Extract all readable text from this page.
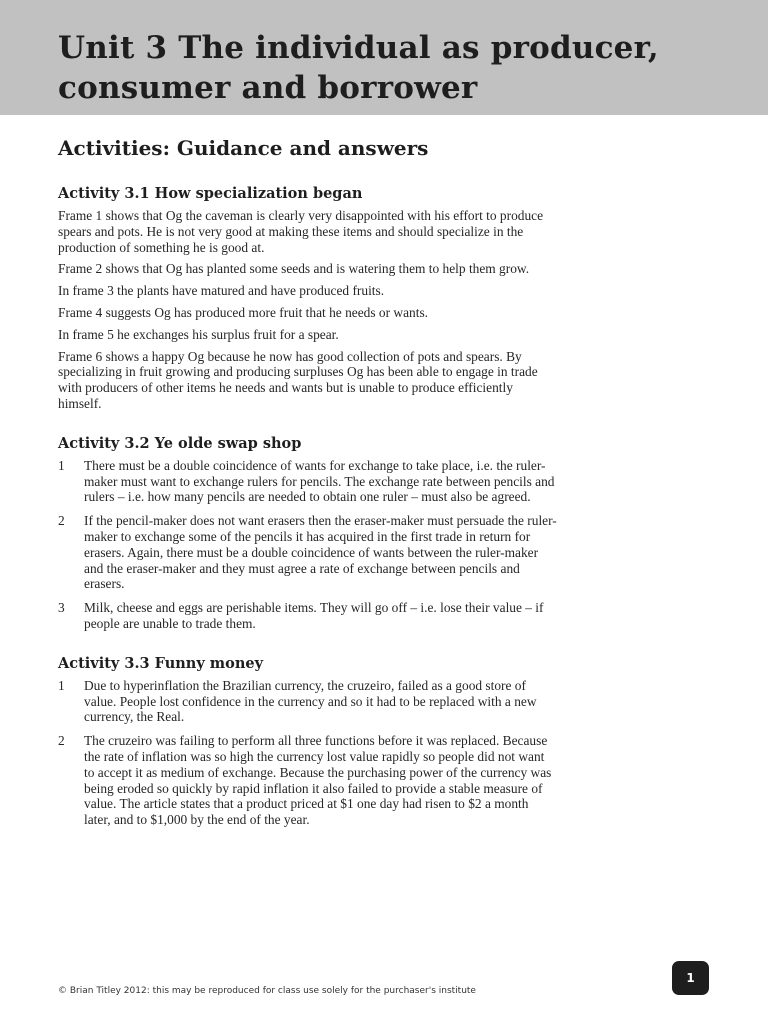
Unit 3 The individual as producer, consumer and borrower
Activities: Guidance and answers
Activity 3.1 How specialization began

Frame 1 shows that Og the caveman is clearly very disappointed with his effort to produce spears and pots. He is not very good at making these items and should specialize in the production of something he is good at.

Frame 2 shows that Og has planted some seeds and is watering them to help them grow.

In frame 3 the plants have matured and have produced fruits.

Frame 4 suggests Og has produced more fruit that he needs or wants.

In frame 5 he exchanges his surplus fruit for a spear.

Frame 6 shows a happy Og because he now has good collection of pots and spears. By specializing in fruit growing and producing surpluses Og has been able to engage in trade with producers of other items he needs and wants but is unable to produce efficiently himself.

Activity 3.2 Ye olde swap shop
1	There must be a double coincidence of wants for exchange to take place, i.e. the ruler-maker must want to exchange rulers for pencils. The exchange rate between pencils and rulers – i.e. how many pencils are needed to obtain one ruler – must also be agreed.
2	If the pencil-maker does not want erasers then the eraser-maker must persuade the ruler-maker to exchange some of the pencils it has acquired in the first trade in return for erasers. Again, there must be a double coincidence of wants between the ruler-maker and the eraser-maker and they must agree a rate of exchange between pencils and erasers.
3	Milk, cheese and eggs are perishable items. They will go off – i.e. lose their value – if people are unable to trade them.
Activity 3.3 Funny money
1	Due to hyperinflation the Brazilian currency, the cruzeiro, failed as a good store of value. People lost confidence in the currency and so it had to be replaced with a new currency, the Real.
2	The cruzeiro was failing to perform all three functions before it was replaced. Because the rate of inflation was so high the currency lost value rapidly so people did not want to accept it as medium of exchange. Because the purchasing power of the currency was being eroded so quickly by rapid inflation it also failed to provide a stable measure of value. The article states that a product priced at $1 one day had risen to $2 a month later, and to $1,000 by the end of the year.
© Brian Titley 2012: this may be reproduced for class use solely for the purchaser's institute
1
